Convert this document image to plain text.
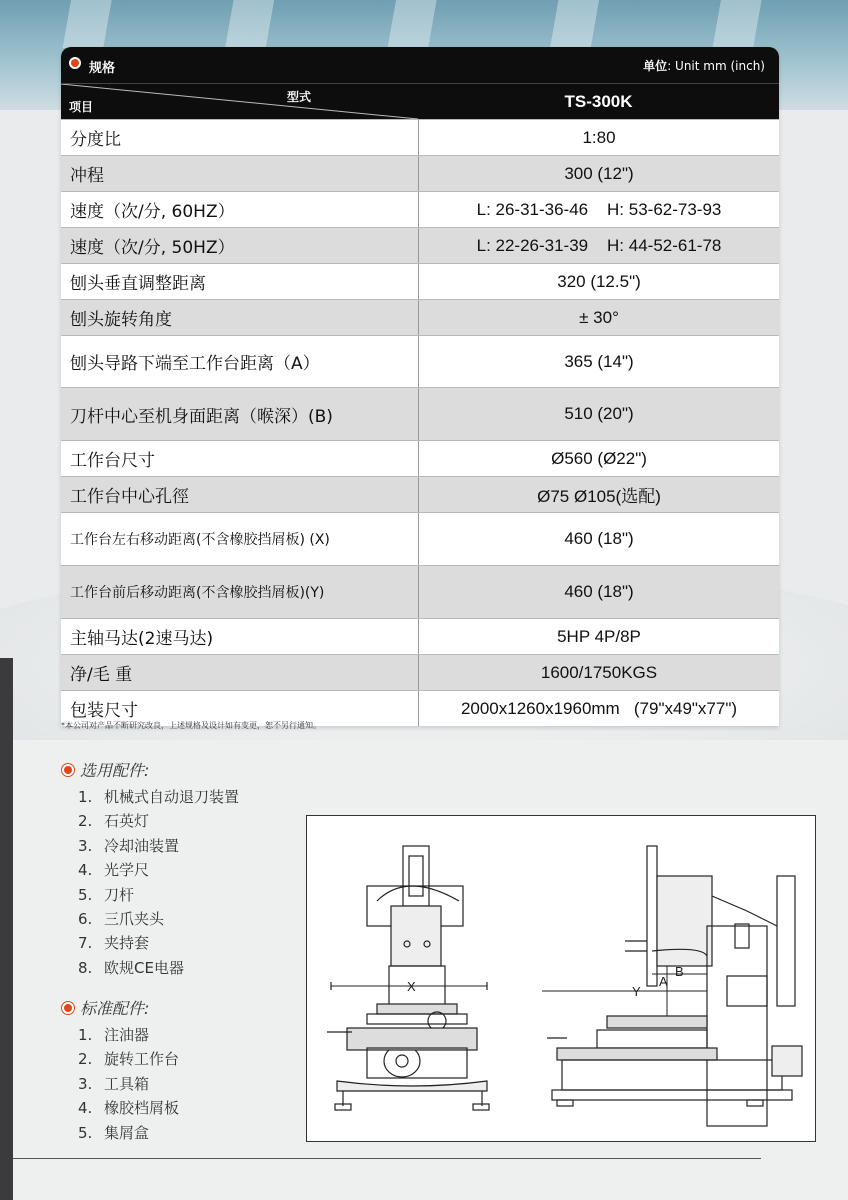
规格	单位: Unit mm (inch)
项目
型式	TS-300K
分度比	1:80
冲程	300 (12")
速度（次/分, 60HZ）	L: 26-31-36-46    H: 53-62-73-93
速度（次/分, 50HZ）	L: 22-26-31-39    H: 44-52-61-78
刨头垂直调整距离	320 (12.5")
刨头旋转角度	± 30°
刨头导路下端至工作台距离（A）	365 (14")
刀杆中心至机身面距离（喉深）(B)	510 (20")
工作台尺寸	Ø560 (Ø22")
工作台中心孔徑	Ø75 Ø105(选配)
工作台左右移动距离(不含橡胶挡屑板) (X)	460 (18")
工作台前后移动距离(不含橡胶挡屑板)(Y)	460 (18")
主轴马达(2速马达)	5HP 4P/8P
净/毛 重	1600/1750KGS
包装尺寸	2000x1260x1960mm   (79"x49"x77")
*本公司对产品不断研究改良，上述规格及设计如有变更，恕不另行通知。
选用配件:
1. 机械式自动退刀装置
2. 石英灯
3. 冷却油装置
4. 光学尺
5. 刀杆
6. 三爪夹头
7. 夹持套
8. 欧规CE电器
标准配件:
1. 注油器
2. 旋转工作台
3. 工具箱
4. 橡胶档屑板
5. 集屑盒
X	Y
A
B
